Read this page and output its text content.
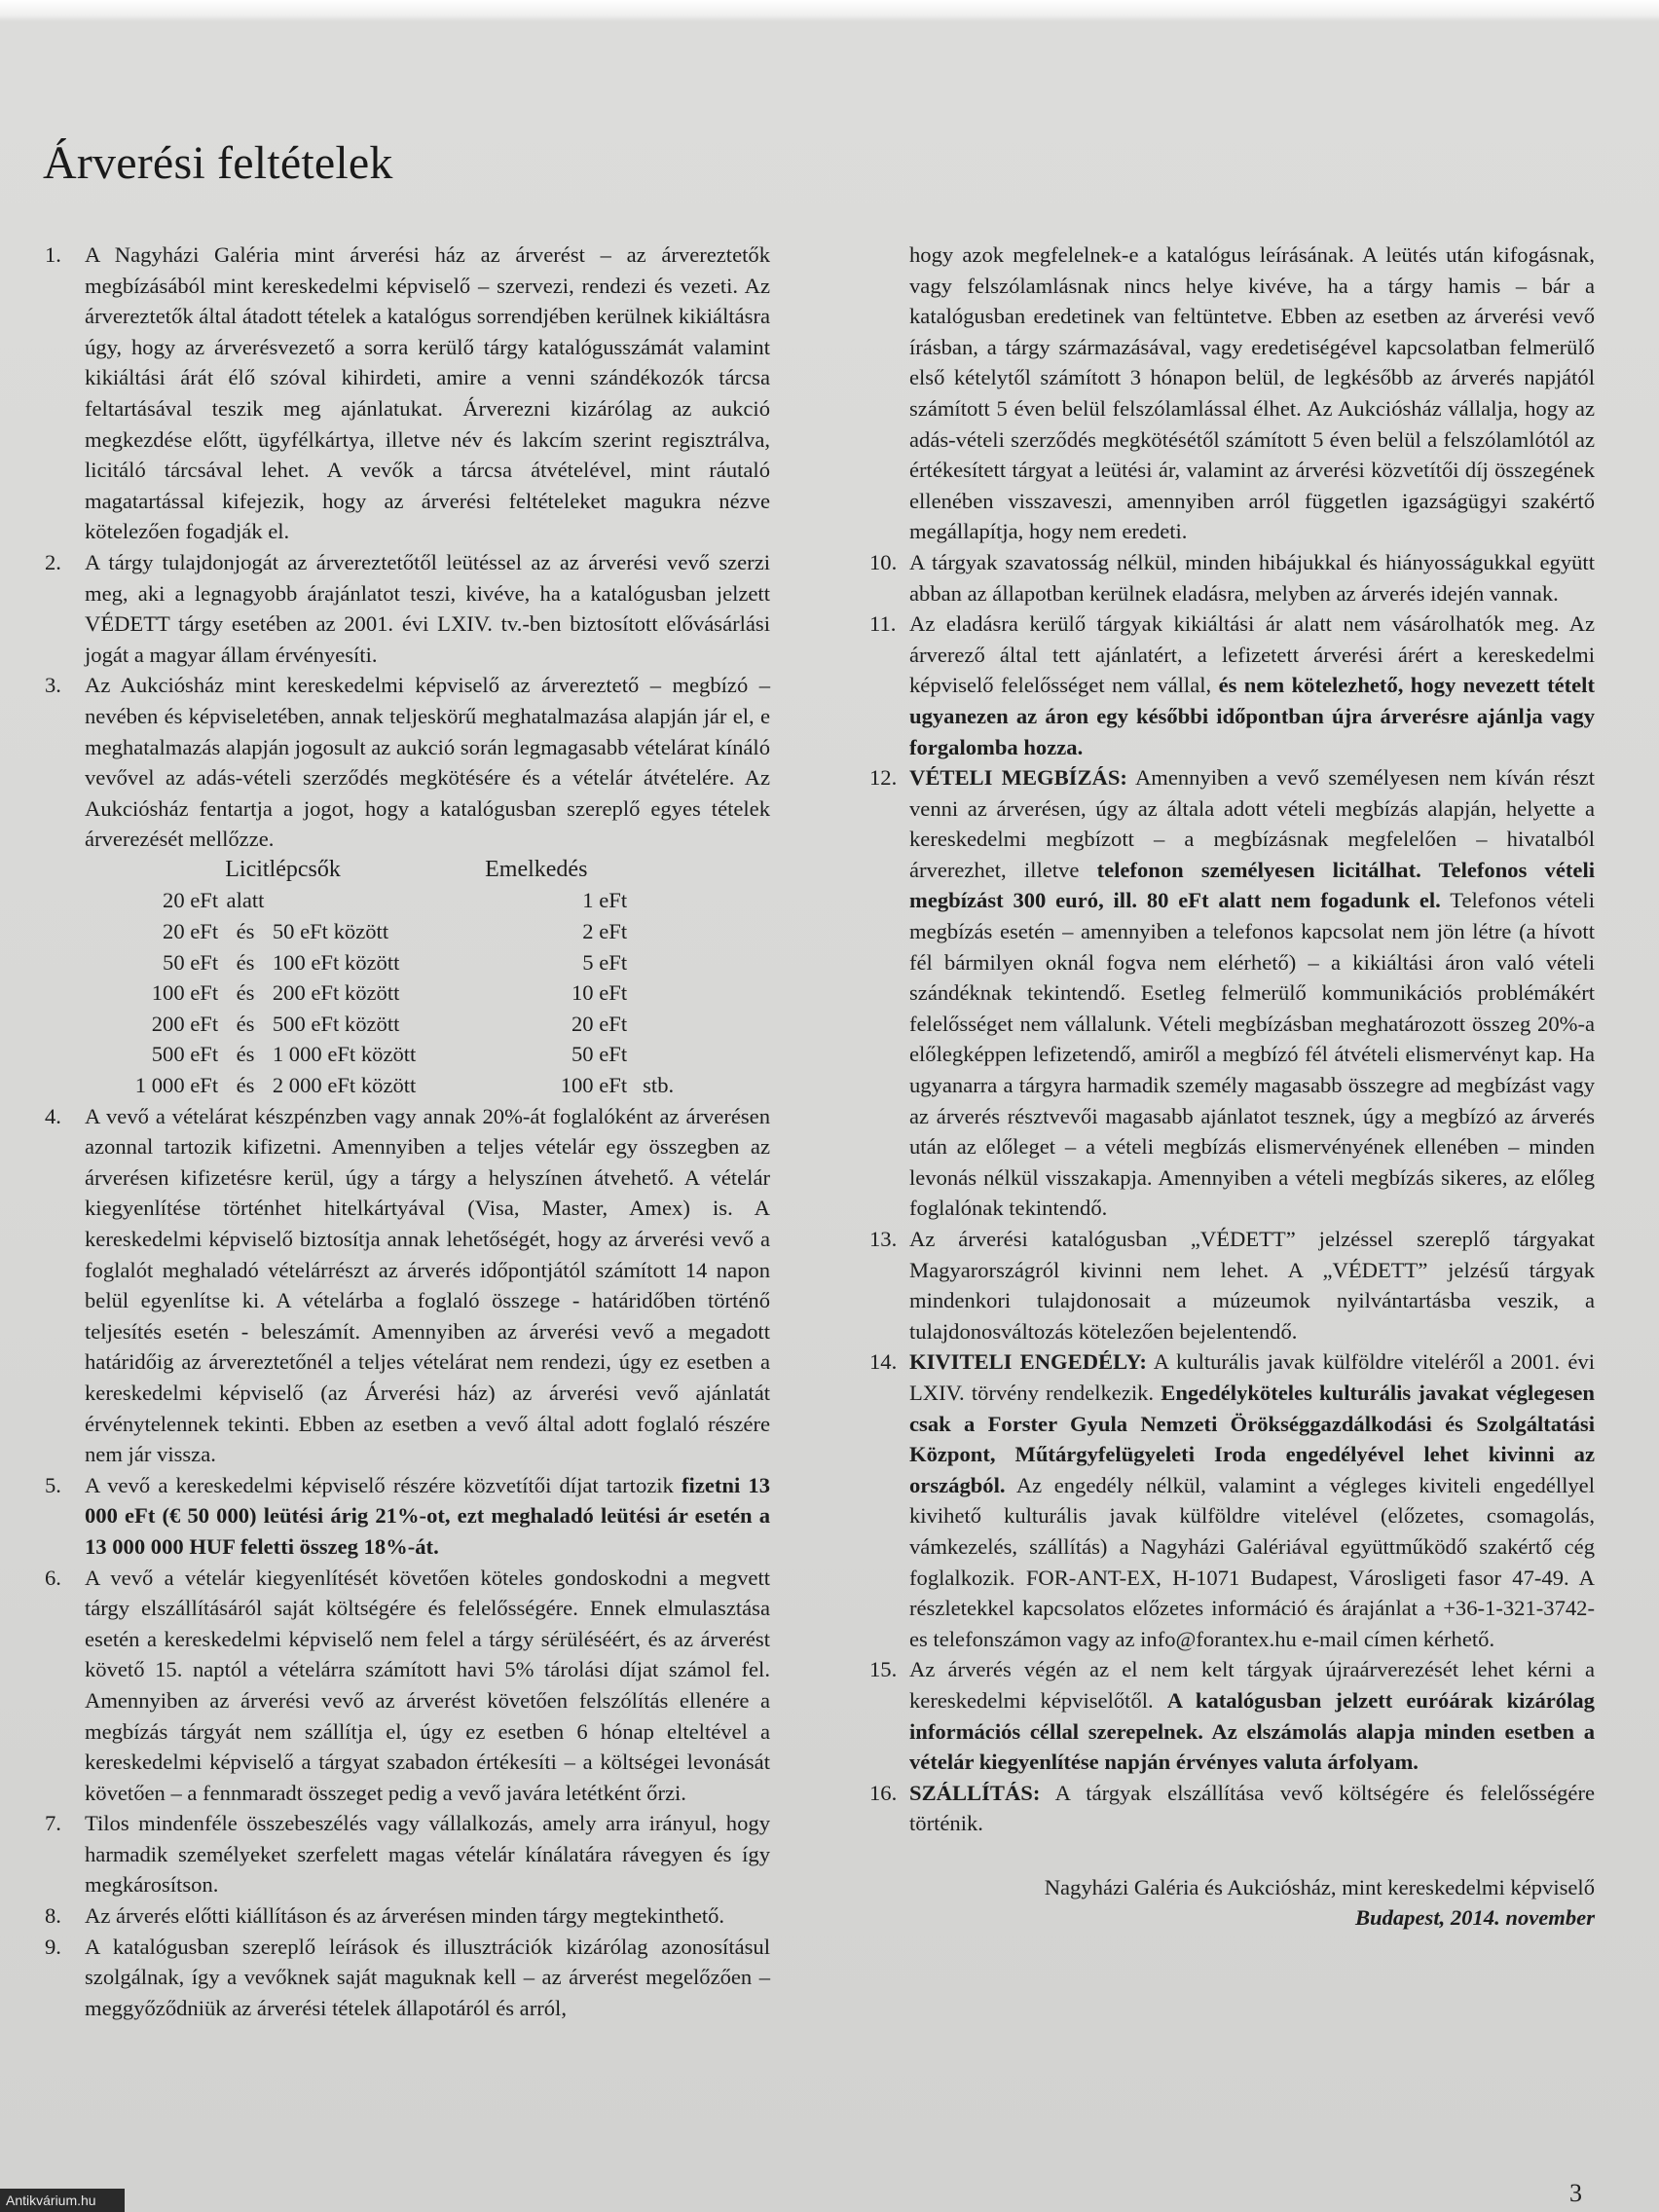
Árverési feltételek
1. A Nagyházi Galéria mint árverési ház az árverést – az árvereztetők megbízásából mint kereskedelmi képviselő – szervezi, rendezi és vezeti. Az árvereztetők által átadott tételek a katalógus sorrendjében kerülnek kikiáltásra úgy, hogy az árverésvezető a sorra kerülő tárgy katalógusszámát valamint kikiáltási árát élő szóval kihirdeti, amire a venni szándékozók tárcsa feltartásával teszik meg ajánlatukat. Árverezni kizárólag az aukció megkezdése előtt, ügyfélkártya, illetve név és lakcím szerint regisztrálva, licitáló tárcsával lehet. A vevők a tárcsa átvételével, mint ráutaló magatartással kifejezik, hogy az árverési feltételeket magukra nézve kötelezően fogadják el.

2. A tárgy tulajdonjogát az árvereztetőtől leütéssel az az árverési vevő szerzi meg, aki a legnagyobb árajánlatot teszi, kivéve, ha a katalógusban jelzett VÉDETT tárgy esetében az 2001. évi LXIV. tv.-ben biztosított elővásárlási jogát a magyar állam érvényesíti.

3. Az Aukciósház mint kereskedelmi képviselő az árvereztető – megbízó – nevében és képviseletében, annak teljeskörű meghatalmazása alapján jár el, e meghatalmazás alapján jogosult az aukció során legmagasabb vételárat kínáló vevővel az adás-vételi szerződés megkötésére és a vételár átvételére. Az Aukciósház fentartja a jogot, hogy a katalógusban szereplő egyes tételek árverezését mellőzze.

Licitlépcsők			Emelkedés	
20 eFt	alatt		1 eFt	
20 eFt	és	50 eFt között	2 eFt	
50 eFt	és	100 eFt között	5 eFt	
100 eFt	és	200 eFt között	10 eFt	
200 eFt	és	500 eFt között	20 eFt	
500 eFt	és	1 000 eFt között	50 eFt	
1 000 eFt	és	2 000 eFt között	100 eFt	stb.
4. A vevő a vételárat készpénzben vagy annak 20%-át foglalóként az árverésen azonnal tartozik kifizetni. Amennyiben a teljes vételár egy összegben az árverésen kifizetésre kerül, úgy a tárgy a helyszínen átvehető. A vételár kiegyenlítése történhet hitelkártyával (Visa, Master, Amex) is. A kereskedelmi képviselő biztosítja annak lehetőségét, hogy az árverési vevő a foglalót meghaladó vételárrészt az árverés időpontjától számított 14 napon belül egyenlítse ki. A vételárba a foglaló összege - határidőben történő teljesítés esetén - beleszámít. Amennyiben az árverési vevő a megadott határidőig az árvereztetőnél a teljes vételárat nem rendezi, úgy ez esetben a kereskedelmi képviselő (az Árverési ház) az árverési vevő ajánlatát érvénytelennek tekinti. Ebben az esetben a vevő által adott foglaló részére nem jár vissza.

5. A vevő a kereskedelmi képviselő részére közvetítői díjat tartozik fizetni 13 000 eFt (€ 50 000) leütési árig 21%-ot, ezt meghaladó leütési ár esetén a 13 000 000 HUF feletti összeg 18%-át.

6. A vevő a vételár kiegyenlítését követően köteles gondoskodni a megvett tárgy elszállításáról saját költségére és felelősségére. Ennek elmulasztása esetén a kereskedelmi képviselő nem felel a tárgy sérüléséért, és az árverést követő 15. naptól a vételárra számított havi 5% tárolási díjat számol fel. Amennyiben az árverési vevő az árverést követően felszólítás ellenére a megbízás tárgyát nem szállítja el, úgy ez esetben 6 hónap elteltével a kereskedelmi képviselő a tárgyat szabadon értékesíti – a költségei levonását követően – a fennmaradt összeget pedig a vevő javára letétként őrzi.

7. Tilos mindenféle összebeszélés vagy vállalkozás, amely arra irányul, hogy harmadik személyeket szerfelett magas vételár kínálatára rávegyen és így megkárosítson.

8. Az árverés előtti kiállításon és az árverésen minden tárgy megtekinthető.

9. A katalógusban szereplő leírások és illusztrációk kizárólag azonosításul szolgálnak, így a vevőknek saját maguknak kell – az árverést megelőzően – meggyőződniük az árverési tételek állapotáról és arról,

hogy azok megfelelnek-e a katalógus leírásának. A leütés után kifogásnak, vagy felszólamlásnak nincs helye kivéve, ha a tárgy hamis – bár a katalógusban eredetinek van feltüntetve. Ebben az esetben az árverési vevő írásban, a tárgy származásával, vagy eredetiségével kapcsolatban felmerülő első kételytől számított 3 hónapon belül, de legkésőbb az árverés napjától számított 5 éven belül felszólamlással élhet. Az Aukciósház vállalja, hogy az adás-vételi szerződés megkötésétől számított 5 éven belül a felszólamlótól az értékesített tárgyat a leütési ár, valamint az árverési közvetítői díj összegének ellenében visszaveszi, amennyiben arról független igazságügyi szakértő megállapítja, hogy nem eredeti.

10. A tárgyak szavatosság nélkül, minden hibájukkal és hiányosságukkal együtt abban az állapotban kerülnek eladásra, melyben az árverés idején vannak.

11. Az eladásra kerülő tárgyak kikiáltási ár alatt nem vásárolhatók meg. Az árverező által tett ajánlatért, a lefizetett árverési árért a kereskedelmi képviselő felelősséget nem vállal, és nem kötelezhető, hogy nevezett tételt ugyanezen az áron egy későbbi időpontban újra árverésre ajánlja vagy forgalomba hozza.

12. VÉTELI MEGBÍZÁS: Amennyiben a vevő személyesen nem kíván részt venni az árverésen, úgy az általa adott vételi megbízás alapján, helyette a kereskedelmi megbízott – a megbízásnak megfelelően – hivatalból árverezhet, illetve telefonon személyesen licitálhat. Telefonos vételi megbízást 300 euró, ill. 80 eFt alatt nem fogadunk el. Telefonos vételi megbízás esetén – amennyiben a telefonos kapcsolat nem jön létre (a hívott fél bármilyen oknál fogva nem elérhető) – a kikiáltási áron való vételi szándéknak tekintendő. Esetleg felmerülő kommunikációs problémákért felelősséget nem vállalunk. Vételi megbízásban meghatározott összeg 20%-a előlegképpen lefizetendő, amiről a megbízó fél átvételi elismervényt kap. Ha ugyanarra a tárgyra harmadik személy magasabb összegre ad megbízást vagy az árverés résztvevői magasabb ajánlatot tesznek, úgy a megbízó az árverés után az előleget – a vételi megbízás elismervényének ellenében – minden levonás nélkül visszakapja. Amennyiben a vételi megbízás sikeres, az előleg foglalónak tekintendő.

13. Az árverési katalógusban „VÉDETT” jelzéssel szereplő tárgyakat Magyarországról kivinni nem lehet. A „VÉDETT” jelzésű tárgyak mindenkori tulajdonosait a múzeumok nyilvántartásba veszik, a tulajdonosváltozás kötelezően bejelentendő.

14. KIVITELI ENGEDÉLY: A kulturális javak külföldre viteléről a 2001. évi LXIV. törvény rendelkezik. Engedélyköteles kulturális javakat véglegesen csak a Forster Gyula Nemzeti Örökséggazdálkodási és Szolgáltatási Központ, Műtárgyfelügyeleti Iroda engedélyével lehet kivinni az országból. Az engedély nélkül, valamint a végleges kiviteli engedéllyel kivihető kulturális javak külföldre vitelével (előzetes, csomagolás, vámkezelés, szállítás) a Nagyházi Galériával együttműködő szakértő cég foglalkozik. FOR-ANT-EX, H-1071 Budapest, Városligeti fasor 47-49. A részletekkel kapcsolatos előzetes információ és árajánlat a +36-1-321-3742-es telefonszámon vagy az info@forantex.hu e-mail címen kérhető.

15. Az árverés végén az el nem kelt tárgyak újraárverezését lehet kérni a kereskedelmi képviselőtől. A katalógusban jelzett euróárak kizárólag információs céllal szerepelnek. Az elszámolás alapja minden esetben a vételár kiegyenlítése napján érvényes valuta árfolyam.

16. SZÁLLÍTÁS: A tárgyak elszállítása vevő költségére és felelősségére történik.

Nagyházi Galéria és Aukciósház, mint kereskedelmi képviselő
Budapest, 2014. november
3
Antikvárium.hu
